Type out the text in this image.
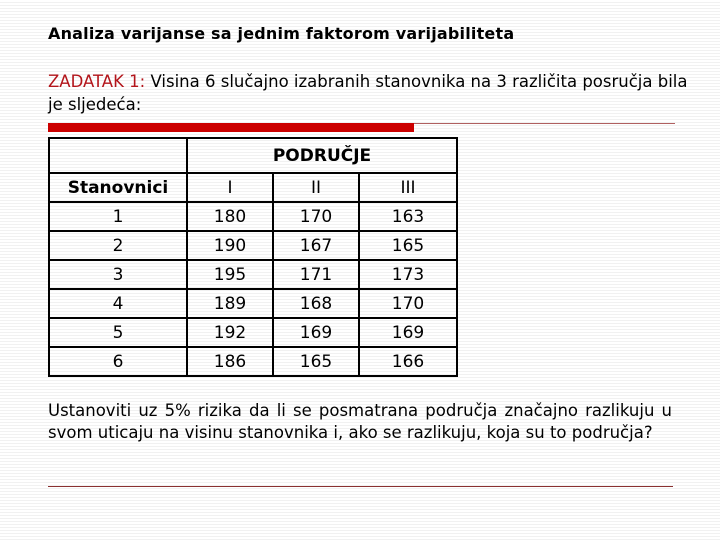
Analiza varijanse sa jednim faktorom varijabiliteta
ZADATAK 1: Visina 6 slučajno izabranih stanovnika na 3 različita posručja bila je sljedeća:
	PODRUČJE		
Stanovnici	I	II	III
1	180	170	163
2	190	167	165
3	195	171	173
4	189	168	170
5	192	169	169
6	186	165	166
Ustanoviti uz 5% rizika da li se posmatrana područja značajno razlikuju u svom uticaju na visinu stanovnika i, ako se razlikuju, koja su to područja?
